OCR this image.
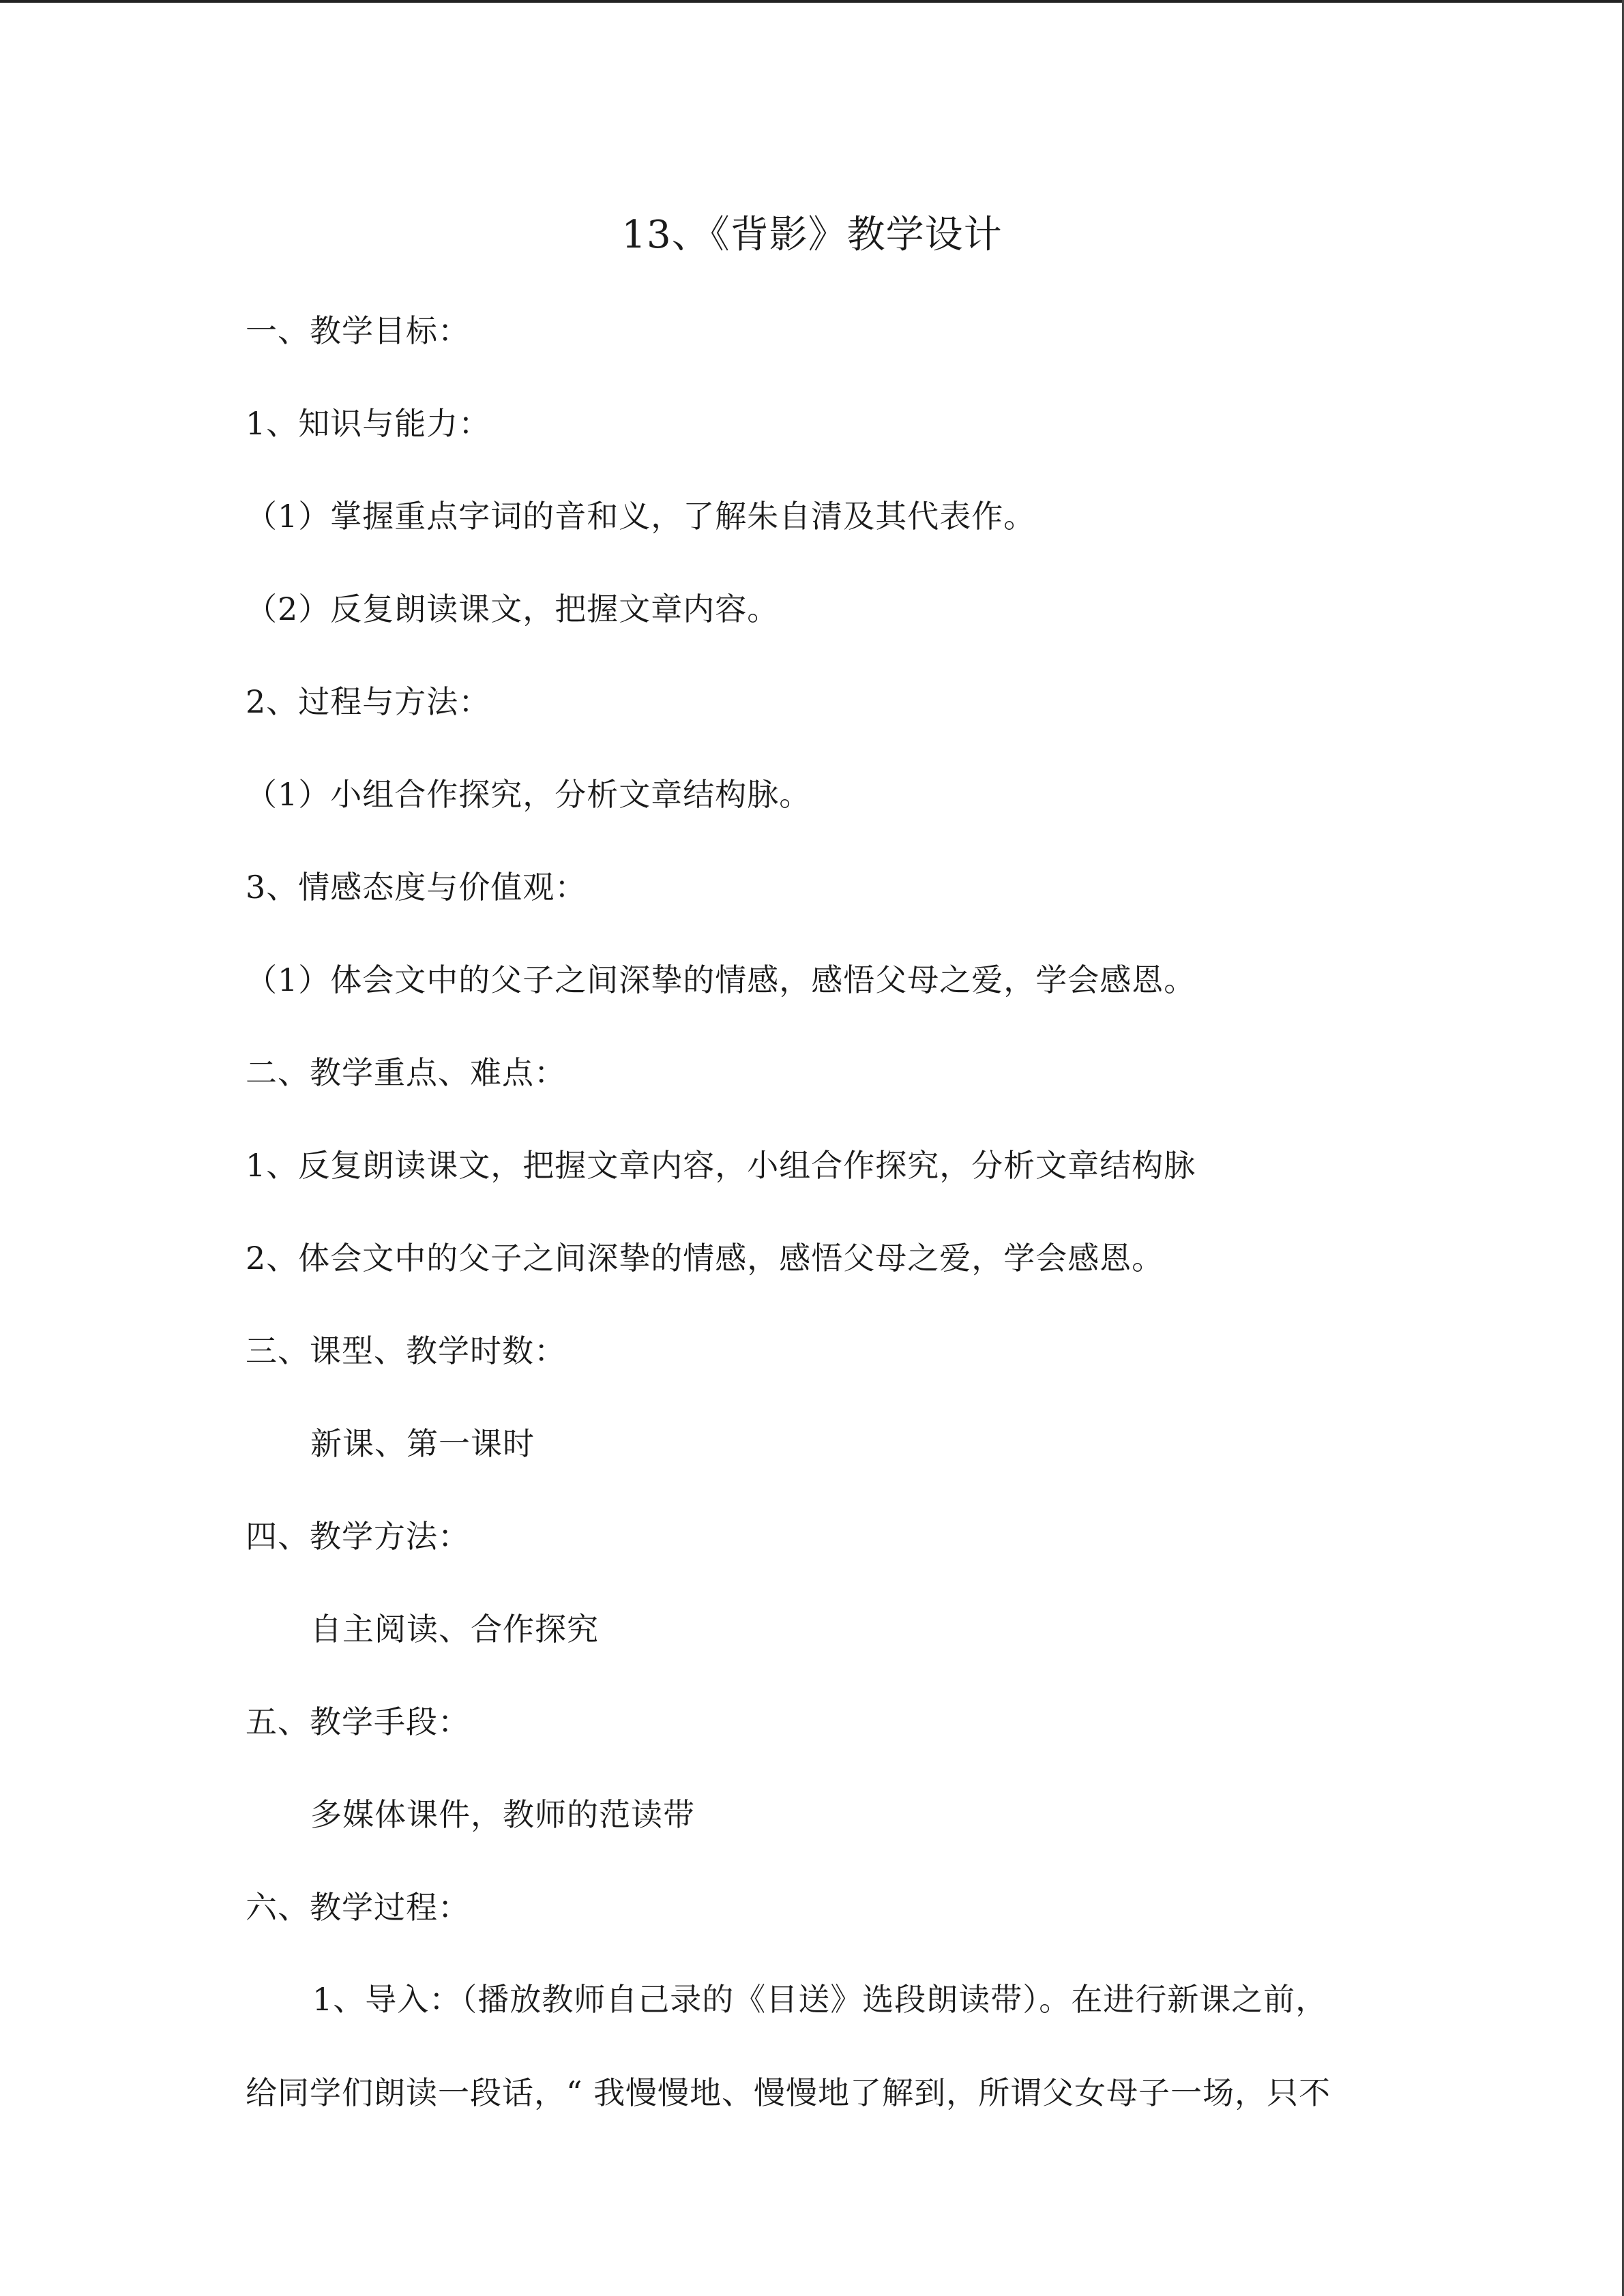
13、《背影》教学设计
一、教学目标：
1、知识与能力：
（1）掌握重点字词的音和义，了解朱自清及其代表作。
（2）反复朗读课文，把握文章内容。
2、过程与方法：
（1）小组合作探究，分析文章结构脉。
3、情感态度与价值观：
（1）体会文中的父子之间深挚的情感，感悟父母之爱，学会感恩。
二、教学重点、难点：
1、反复朗读课文，把握文章内容，小组合作探究，分析文章结构脉
2、体会文中的父子之间深挚的情感，感悟父母之爱，学会感恩。
三、课型、教学时数：
新课、第一课时
四、教学方法：
自主阅读、合作探究
五、教学手段：
多媒体课件，教师的范读带
六、教学过程：
1、导入：（播放教师自己录的《目送》选段朗读带）。在进行新课之前，
给同学们朗读一段话，“ 我慢慢地、慢慢地了解到，所谓父女母子一场，只不
